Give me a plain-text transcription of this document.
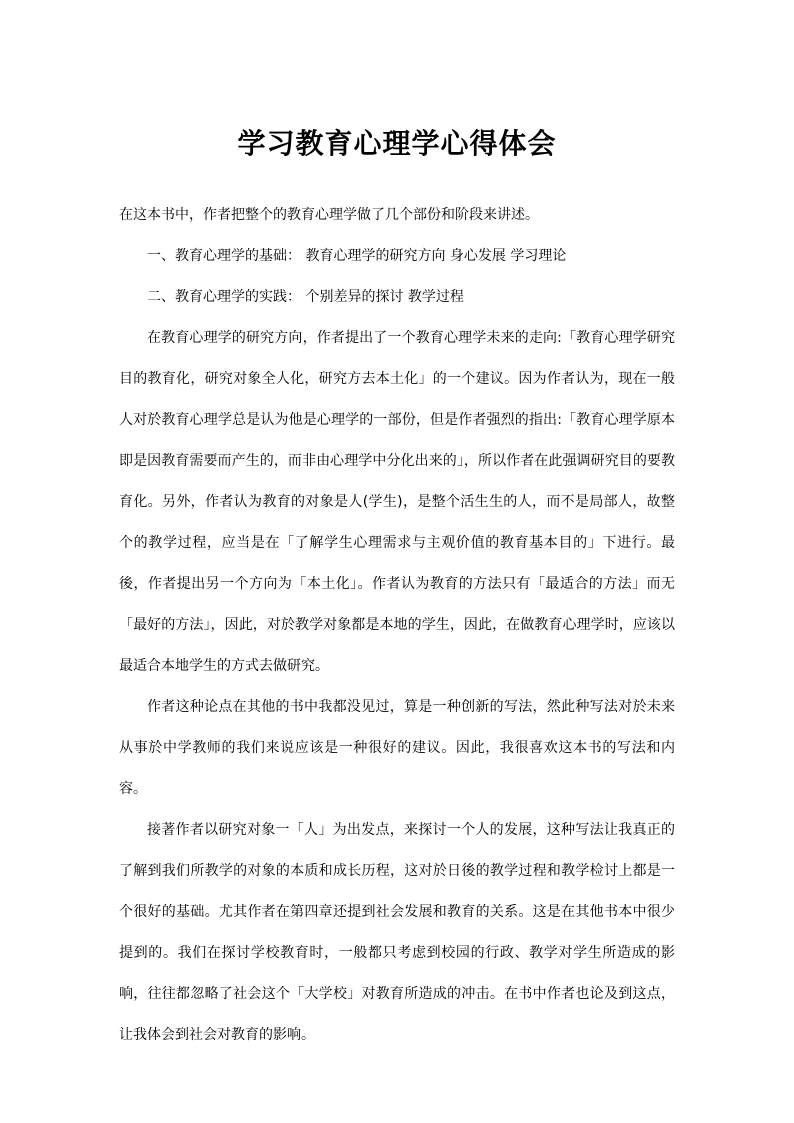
学习教育心理学心得体会

在这本书中，作者把整个的教育心理学做了几个部份和阶段来讲述。

一、教育心理学的基础： 教育心理学的研究方向 身心发展 学习理论

二、教育心理学的实践： 个别差异的探讨 教学过程

在教育心理学的研究方向，作者提出了一个教育心理学未来的走向:「教育心理学研究目的教育化，研究对象全人化，研究方去本土化」的一个建议。因为作者认为，现在一般人对於教育心理学总是认为他是心理学的一部份，但是作者强烈的指出:「教育心理学原本即是因教育需要而产生的，而非由心理学中分化出来的」，所以作者在此强调研究目的要教育化。另外，作者认为教育的对象是人(学生)，是整个活生生的人，而不是局部人，故整个的教学过程，应当是在「了解学生心理需求与主观价值的教育基本目的」下进行。最後，作者提出另一个方向为「本土化」。作者认为教育的方法只有「最适合的方法」而无「最好的方法」，因此，对於教学对象都是本地的学生，因此，在做教育心理学时，应该以最适合本地学生的方式去做研究。

作者这种论点在其他的书中我都没见过，算是一种创新的写法，然此种写法对於未来从事於中学教师的我们来说应该是一种很好的建议。因此，我很喜欢这本书的写法和内容。

接著作者以研究对象一「人」为出发点，来探讨一个人的发展，这种写法让我真正的了解到我们所教学的对象的本质和成长历程，这对於日後的教学过程和教学检讨上都是一个很好的基础。尤其作者在第四章还提到社会发展和教育的关系。这是在其他书本中很少提到的。我们在探讨学校教育时，一般都只考虑到校园的行政、教学对学生所造成的影响，往往都忽略了社会这个「大学校」对教育所造成的冲击。在书中作者也论及到这点，让我体会到社会对教育的影响。
